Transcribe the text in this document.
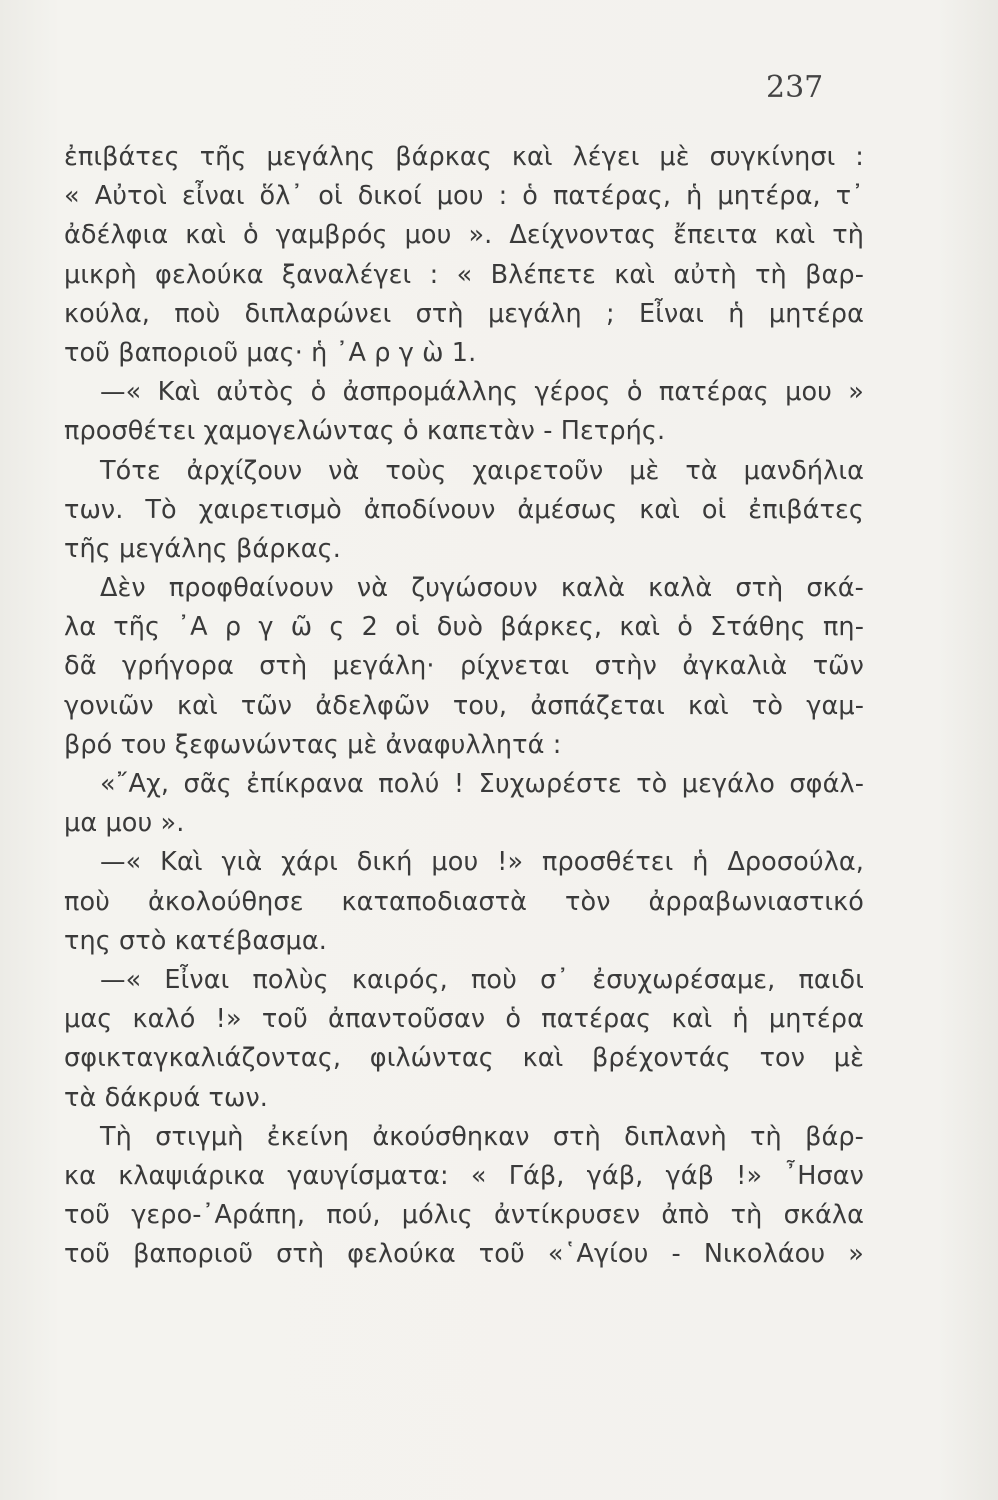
237
ἐπιβάτες τῆς μεγάλης βάρκας καὶ λέγει μὲ συγκίνησι :
« Αὐτοὶ εἶναι ὅλ᾽ οἱ δικοί μου : ὁ πατέρας, ἡ μητέρα, τ᾽
ἀδέλφια καὶ ὁ γαμβρός μου ». Δείχνοντας ἔπειτα καὶ τὴ
μικρὴ φελούκα ξαναλέγει : « Βλέπετε καὶ αὐτὴ τὴ βαρ-
κούλα, ποὺ διπλαρώνει στὴ μεγάλη ; Εἶναι ἡ μητέρα
τοῦ βαποριοῦ μας· ἡ ᾽Α ρ γ ὼ 1.
—« Καὶ αὐτὸς ὁ ἀσπρομάλλης γέρος ὁ πατέρας μου »
προσθέτει χαμογελώντας ὁ καπετὰν - Πετρής.
Τότε ἀρχίζουν νὰ τοὺς χαιρετοῦν μὲ τὰ μανδήλια
των. Τὸ χαιρετισμὸ ἀποδίνουν ἀμέσως καὶ οἱ ἐπιβάτες
τῆς μεγάλης βάρκας.
Δὲν προφθαίνουν νὰ ζυγώσουν καλὰ καλὰ στὴ σκά-
λα τῆς ᾽Α ρ γ ῶ ς 2 οἱ δυὸ βάρκες, καὶ ὁ Στάθης πη-
δᾶ γρήγορα στὴ μεγάλη· ρίχνεται στὴν ἀγκαλιὰ τῶν
γονιῶν καὶ τῶν ἀδελφῶν του, ἀσπάζεται καὶ τὸ γαμ-
βρό του ξεφωνώντας μὲ ἀναφυλλητά :
«῎Αχ, σᾶς ἐπίκρανα πολύ ! Συχωρέστε τὸ μεγάλο σφάλ-
μα μου ».
—« Καὶ γιὰ χάρι δική μου !» προσθέτει ἡ Δροσούλα,
ποὺ ἀκολούθησε καταποδιαστὰ τὸν ἀρραβωνιαστικό
της στὸ κατέβασμα.
—« Εἶναι πολὺς καιρός, ποὺ σ᾽ ἐσυχωρέσαμε, παιδι
μας καλό !» τοῦ ἀπαντοῦσαν ὁ πατέρας καὶ ἡ μητέρα
σφικταγκαλιάζοντας, φιλώντας καὶ βρέχοντάς τον μὲ
τὰ δάκρυά των.
Τὴ στιγμὴ ἐκείνη ἀκούσθηκαν στὴ διπλανὴ τὴ βάρ-
κα κλαψιάρικα γαυγίσματα: « Γάβ, γάβ, γάβ !» ῏Ησαν
τοῦ γερο-᾽Αράπη, πού, μόλις ἀντίκρυσεν ἀπὸ τὴ σκάλα
τοῦ βαποριοῦ στὴ φελούκα τοῦ «῾Αγίου - Νικολάου »
